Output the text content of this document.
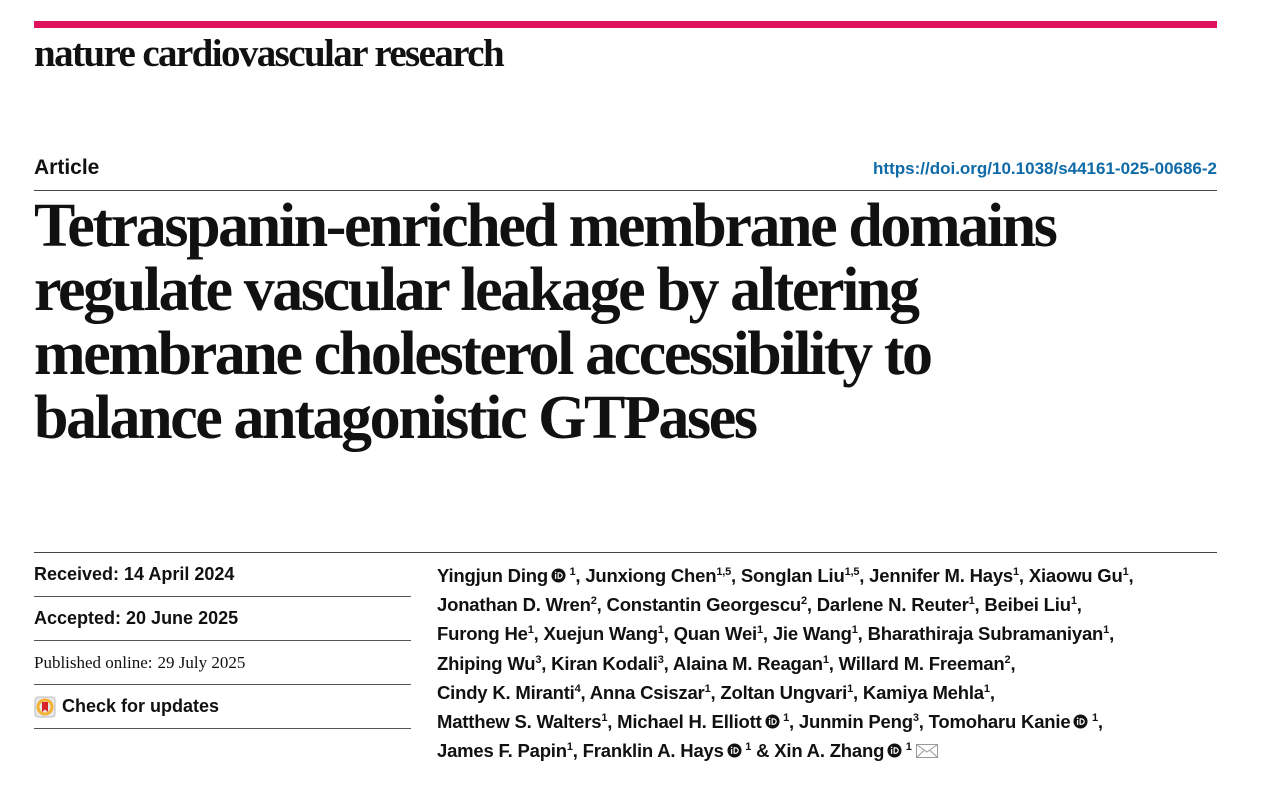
nature cardiovascular research
Article	https://doi.org/10.1038/s44161-025-00686-2
Tetraspanin-enriched membrane domains
regulate vascular leakage by altering
membrane cholesterol accessibility to
balance antagonistic GTPases
Received: 14 April 2024
Accepted: 20 June 2025
Published online: 29 July 2025
Check for updates
Yingjun Ding  $^1$, Junxiong Chen$^{1,5}$, Songlan Liu$^{1,5}$, Jennifer M. Hays$^1$, Xiaowu Gu$^1$,
Jonathan D. Wren$^2$, Constantin Georgescu$^2$, Darlene N. Reuter$^1$, Beibei Liu$^1$,
Furong He$^1$, Xuejun Wang$^1$, Quan Wei$^1$, Jie Wang$^1$, Bharathiraja Subramaniyan$^1$,
Zhiping Wu$^3$, Kiran Kodali$^3$, Alaina M. Reagan$^1$, Willard M. Freeman$^2$,
Cindy K. Miranti$^4$, Anna Csiszar$^1$, Zoltan Ungvari$^1$, Kamiya Mehla$^1$,
Matthew S. Walters$^1$, Michael H. Elliott  $^1$, Junmin Peng$^3$, Tomoharu Kanie  $^1$,
James F. Papin$^1$, Franklin A. Hays  $^1$ & Xin A. Zhang  $^1$
